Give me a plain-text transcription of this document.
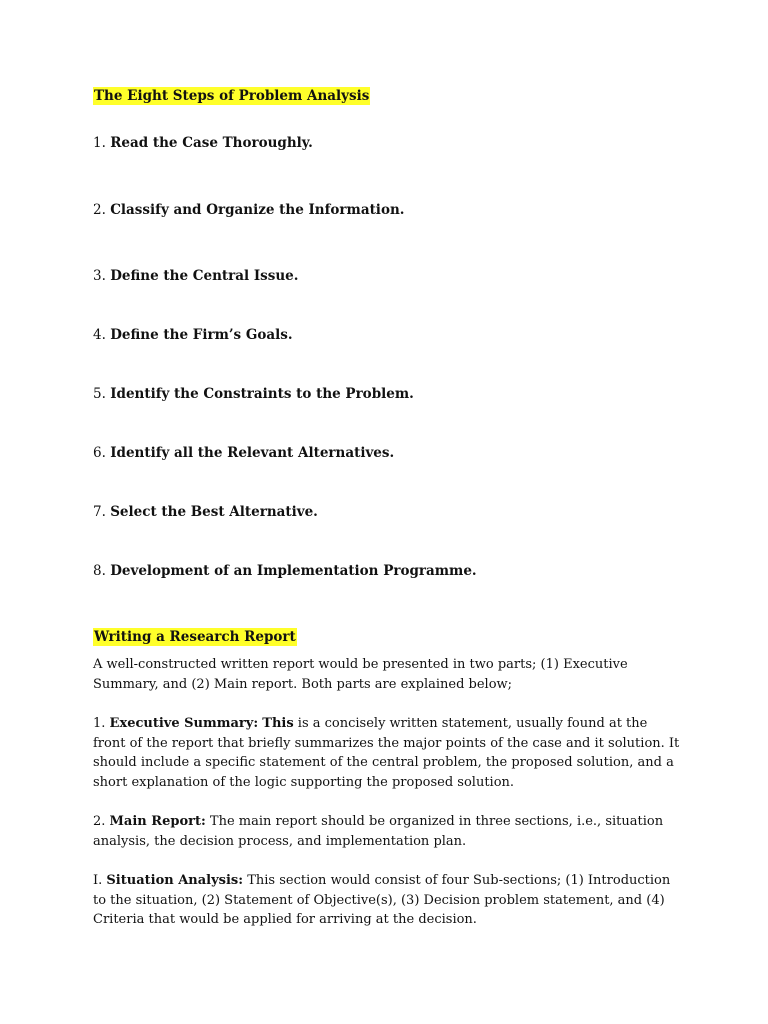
The Eight Steps of Problem Analysis

1. Read the Case Thoroughly.

2. Classify and Organize the Information.

3. Define the Central Issue.

4. Define the Firm’s Goals.

5. Identify the Constraints to the Problem.

6. Identify all the Relevant Alternatives.

7. Select the Best Alternative.

8. Development of an Implementation Programme.

Writing a Research Report

A well-constructed written report would be presented in two parts; (1) Executive Summary, and (2) Main report. Both parts are explained below;

1. Executive Summary: This is a concisely written statement, usually found at the front of the report that briefly summarizes the major points of the case and it solution. It should include a specific statement of the central problem, the proposed solution, and a short explanation of the logic supporting the proposed solution.

2. Main Report: The main report should be organized in three sections, i.e., situation analysis, the decision process, and implementation plan.

I. Situation Analysis: This section would consist of four Sub-sections; (1) Introduction to the situation, (2) Statement of Objective(s), (3) Decision problem statement, and (4) Criteria that would be applied for arriving at the decision.
